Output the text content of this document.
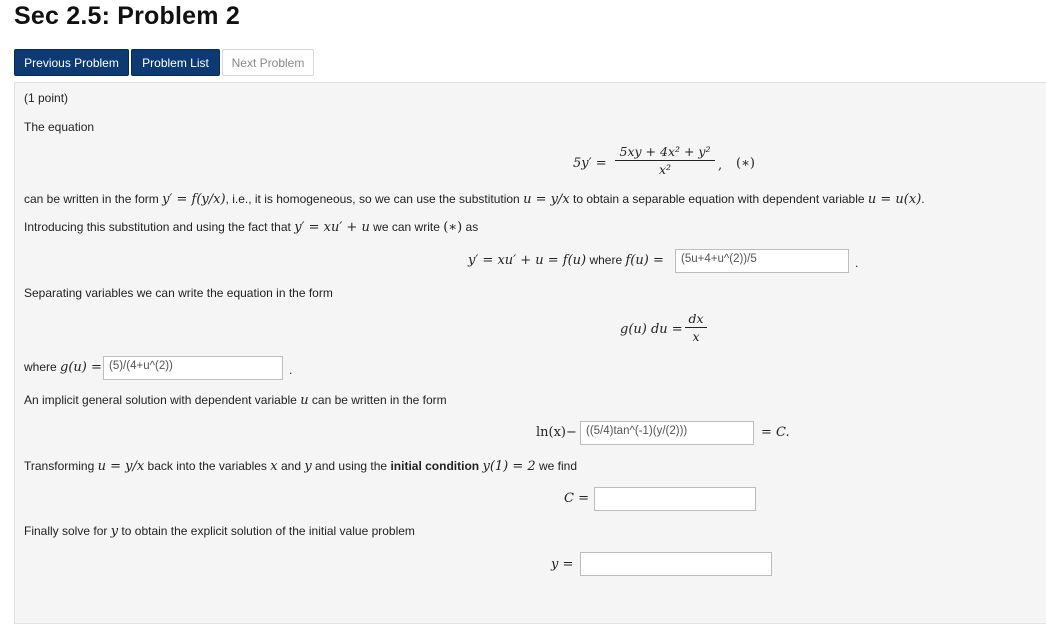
Sec 2.5: Problem 2
Previous Problem	Problem List	Next Problem
(1 point)
The equation
5y′ =
5xy + 4x² + y²
x²	, (∗)
can be written in the form y′ = f(y/x), i.e., it is homogeneous, so we can use the substitution u = y/x to obtain a separable equation with dependent variable u = u(x).
Introducing this substitution and using the fact that y′ = xu′ + u we can write (∗) as
y′ = xu′ + u = f(u) where f(u) =	(5u+4+u^(2))/5	.
Separating variables we can write the equation in the form
g(u) du =
dx
x
where g(u) = (5)/(4+u^(2))	.
An implicit general solution with dependent variable u can be written in the form
ln(x)− ((5/4)tan^(-1)(y/(2)))	= C.
Transforming u = y/x back into the variables x and y and using the initial condition y(1) = 2 we find
C =
Finally solve for y to obtain the explicit solution of the initial value problem
y =
